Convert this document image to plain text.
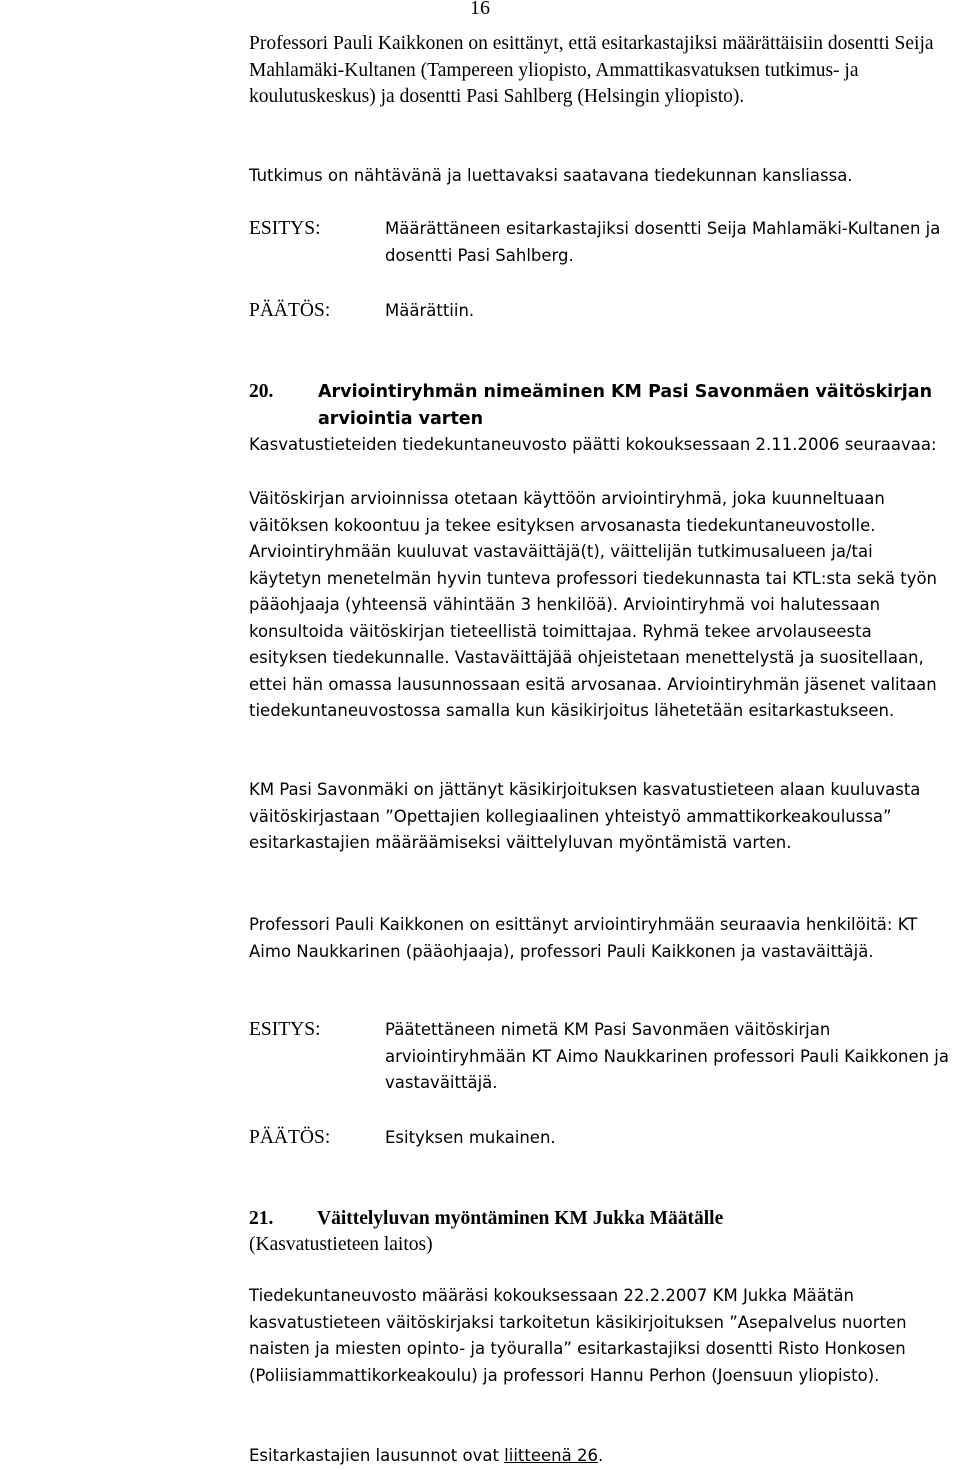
16

Professori Pauli Kaikkonen on esittänyt, että esitarkastajiksi määrättäisiin dosentti Seija Mahlamäki-Kultanen (Tampereen yliopisto, Ammattikasvatuksen tutkimus- ja koulutuskeskus) ja dosentti Pasi Sahlberg (Helsingin yliopisto).

Tutkimus on nähtävänä ja luettavaksi saatavana tiedekunnan kansliassa.

ESITYS:	Määrättäneen esitarkastajiksi dosentti Seija Mahlamäki-Kultanen ja dosentti Pasi Sahlberg.
PÄÄTÖS:	Määrättiin.
20.	Arviointiryhmän nimeäminen KM Pasi Savonmäen väitöskirjan arviointia varten

Kasvatustieteiden tiedekuntaneuvosto päätti kokouksessaan 2.11.2006 seuraavaa:

Väitöskirjan arvioinnissa otetaan käyttöön arviointiryhmä, joka kuunneltuaan väitöksen kokoontuu ja tekee esityksen arvosanasta tiedekuntaneuvostolle. Arviointiryhmään kuuluvat vastaväittäjä(t), väittelijän tutkimusalueen ja/tai käytetyn menetelmän hyvin tunteva professori tiedekunnasta tai KTL:sta sekä työn pääohjaaja (yhteensä vähintään 3 henkilöä). Arviointiryhmä voi halutessaan konsultoida väitöskirjan tieteellistä toimittajaa. Ryhmä tekee arvolauseesta esityksen tiedekunnalle. Vastaväittäjää ohjeistetaan menettelystä ja suositellaan, ettei hän omassa lausunnossaan esitä arvosanaa. Arviointiryhmän jäsenet valitaan tiedekuntaneuvostossa samalla kun käsikirjoitus lähetetään esitarkastukseen.

KM Pasi Savonmäki on jättänyt käsikirjoituksen kasvatustieteen alaan kuuluvasta väitöskirjastaan ”Opettajien kollegiaalinen yhteistyö ammattikorkeakoulussa” esitarkastajien määräämiseksi väittelyluvan myöntämistä varten.

Professori Pauli Kaikkonen on esittänyt arviointiryhmään seuraavia henkilöitä: KT Aimo Naukkarinen (pääohjaaja), professori Pauli Kaikkonen ja vastaväittäjä.

ESITYS:	Päätettäneen nimetä KM Pasi Savonmäen väitöskirjan arviointiryhmään KT Aimo Naukkarinen professori Pauli Kaikkonen ja vastaväittäjä.
PÄÄTÖS:	Esityksen mukainen.
21. Väittelyluvan myöntäminen KM Jukka Määtälle
(Kasvatustieteen laitos)

Tiedekuntaneuvosto määräsi kokouksessaan 22.2.2007 KM Jukka Määtän kasvatustieteen väitöskirjaksi tarkoitetun käsikirjoituksen ”Asepalvelus nuorten naisten ja miesten opinto- ja työuralla” esitarkastajiksi dosentti Risto Honkosen (Poliisiammattikorkeakoulu) ja professori Hannu Perhon (Joensuun yliopisto).

Esitarkastajien lausunnot ovat liitteenä 26.
